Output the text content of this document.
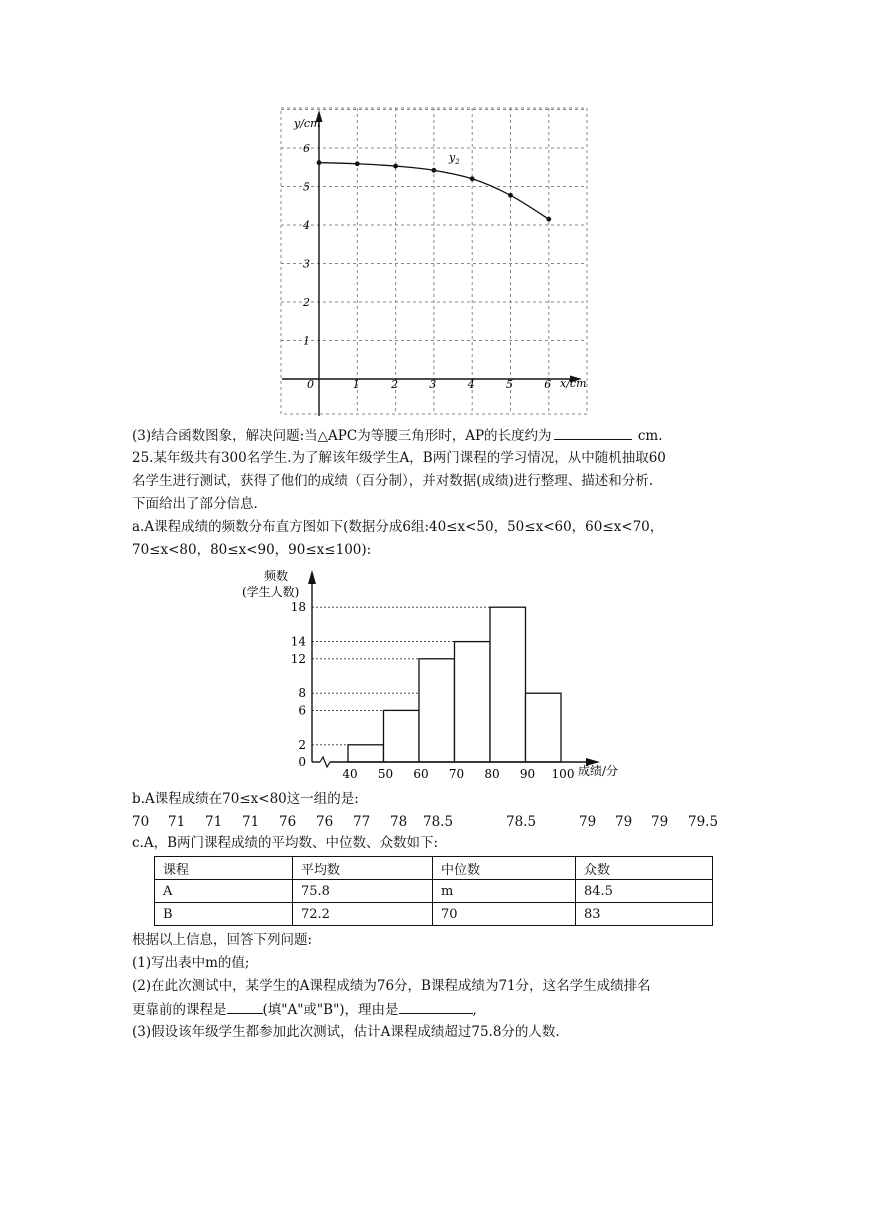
y/cm
x/cm
0
1
2
3
4
5
6
1	2	3	4	5	6
$y_2$
(3)结合函数图象，解决问题:当△APC为等腰三角形时，AP的长度约为	cm.
25.某年级共有300名学生.为了解该年级学生A，B两门课程的学习情况，从中随机抽取60
名学生进行测试，获得了他们的成绩（百分制），并对数据(成绩)进行整理、描述和分析.
下面给出了部分信息.
a.A课程成绩的频数分布直方图如下(数据分成6组:40≤x<50，50≤x<60，60≤x<70，
70≤x<80，80≤x<90，90≤x≤100):
0
2
6
8
12
14
18
40 50 60 70 80 90 100
频数
(学生人数)
成绩/分
b.A课程成绩在70≤x<80这一组的是:
70 71 71 71 76 76 77 78 78.5	78.5	79 79 79 79.5
c.A，B两门课程成绩的平均数、中位数、众数如下:
课程	平均数	中位数	众数
A	75.8	m	84.5
B	72.2	70	83
根据以上信息，回答下列问题:
(1)写出表中m的值;
(2)在此次测试中，某学生的A课程成绩为76分，B课程成绩为71分，这名学生成绩排名
更靠前的课程是	(填"A"或"B")，理由是	,
(3)假设该年级学生都参加此次测试，估计A课程成绩超过75.8分的人数.
